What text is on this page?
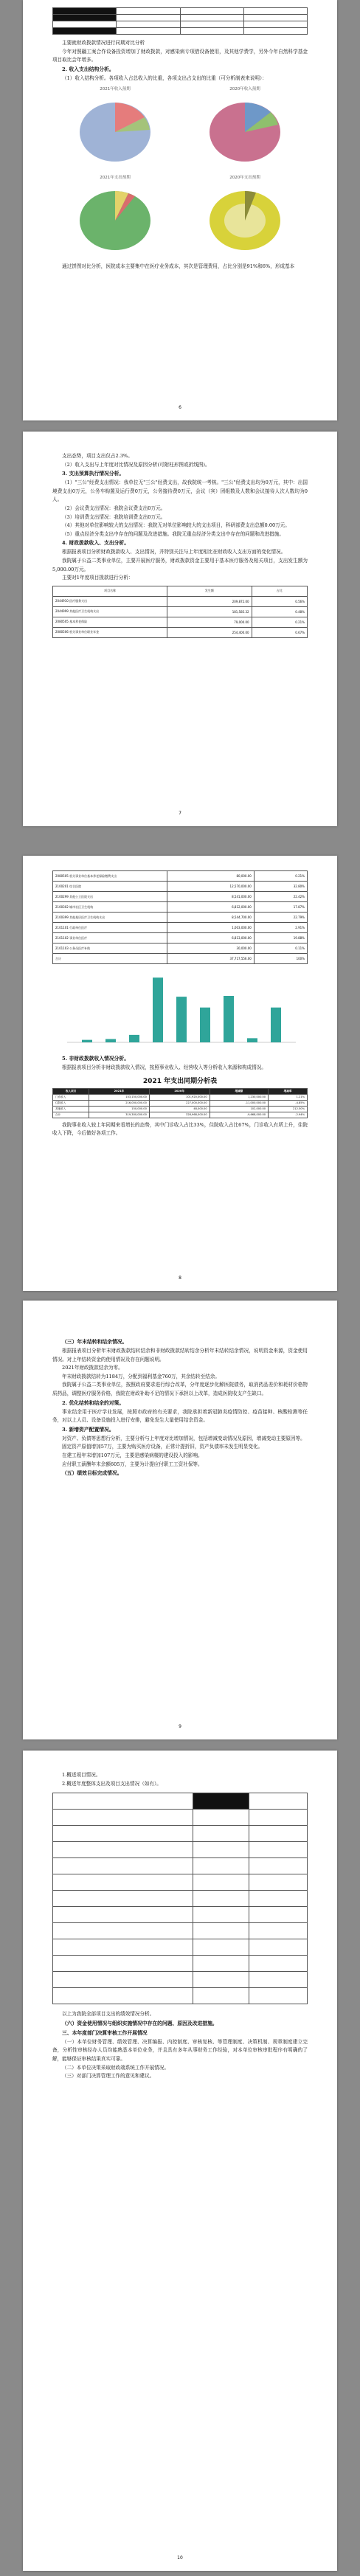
主要就财政拨款情况进行同期对比分析

今年对照疆工案合作设备投资增加了财政拨款，对感染病专项借设备使用，及其他学费学，另外今年自然科学基金项目取比会年增多。

2. 收入支出结构分析。

（1）收入结构分析。各项收入占总收入的比重，各项支出占支出的比重（可分析制表来说明）：

2021年收入预期	2020年收入预期
2021年支出预期	2020年支出预期

通过饼图对比分析，医院成本主要集中在医疗业务成本，其次是管理费用，占比分别是91%和6%，形成基本

6

支出态势，项目支出仅占2.3%。

（2）收入支出与上年度对比情况及原因分析(可附柱形图或折线图)。

3. 支出预算执行情况分析。

（1）"三公"经费支出情况：我单位无"三公"经费支出，故我院统一考核。"三公"经费支出均为0万元，其中：出国境费支出0万元，公务车购置及运行费0万元，公务接待费0万元，会议（宾）团组数及人数和会议接待人次人数均为0人。

（2）会议费支出情况：我院会议费支出0万元。

（3）培训费支出情况：我院培训费支出0万元。

（4）其他对单位影响较大的支出情况：我院无对单位影响较大的支出项目，科研部费支出总额0.00万元。

（5）重点经济分类支出中存在的问题及改进措施。我院无重点经济分类支出中存在的问题和改进措施。

4. 财政拨款收入、支出分析。

根据报表项目分析财政拨款收入、支出情况，并特别关注与上年度相比在财政收入支出方面的变化情况。

我院属于公益二类事业单位，主要开展医疗服务，财政拨款资金主要用于基本医疗服务及相关项目，支出发生额为5,000.00万元。

主要对1年度项目拨款进行分析：

项目名称	发生额	占比
2044910 医疗服务支出	209,872.00	0.56%
2044999 其他医疗卫生机构支出	181,585.32	0.48%
2080505 基本养老保险	79,000.00	0.21%
2080506 机关事业单位职业年金	254,400.00	0.67%
7
2080505 机关事业单位基本养老保险缴费支出	80,000.00	0.21%
2100201 综合医院	12,570,000.00	32.80%
2100299 其他公立医院支出	8,541,000.00	22.42%
2100302 城市社区卫生机构	6,812,000.00	17.87%
2100399 其他基层医疗卫生机构支出	8,544,700.00	22.79%
2101101 行政单位医疗	1,003,000.00	2.91%
2101102 事业单位医疗	6,813,000.00	19.88%
2101103 公务员医疗补助	30,000.00	0.11%
合计	37,717,556.00	100%

5. 非财政拨款收入情况分析。

根据报表项目分析非财政拨款收入情况，按照事业收入、经营收入等分析收入来源和构成情况。

2021 年支出同期分析表
收入项目	2021年	2020年	增减额	增减率
门诊收入	103,150,000.00	101,920,000.00	1,230,000.00	1.21%
住院收入	216,000,000.00	227,000,000.00	-11,000,000.00	-4.85%
其他收入	150,000.00	48,000.00	102,000.00	212.50%
合计	319,300,000.00	328,968,000.00	-9,668,000.00	-2.94%

我院事业收入较上年同期来看增长的态势，其中门诊收入占比33%，住院收入占比67%，门诊收入有所上升，住院收入下降，今后做好各项工作。

8

（三）年末结转和结余情况。

根据报表项目分析年末财政拨款结转结余和非财政拨款结转结余分析年末结转结余情况，说明资金来源，资金使用情况。对上年结转资金的使用情况及存在问题说明。

2021年财政拨款结余为零。

年末财政拨款结转为1184万，分配到福利基金760万，其余结转至结余。

我院属于公益二类事业单位，按照政府要求进行综合改革，分年度逐步化解医院债务，取消药品差价和耗材价格物质药品，调整医疗服务价格，我院在财政补助不足的情况下承担以上改革，造成医院收支产生缺口。

2. 优化结转和结余的对策。

事业结余用于医疗学业发展，按照市政府的有关要求，我院承担着新冠肺炎疫情防控、疫苗接种、核酸检测等任务，对以上人员、设备设施投入进行安排，避免发生大量使用结余资金。

3. 新增资产配置情况。

对资产、负债等思想行分析，主要分析与上年度对比增加情况，包括增减变动情况及原因，增减变动主要原因等。

固定资产原值增加57万，主要为购买医疗设备，正常计提折旧，资产负债率未发生明显变化。

在建工程年末增加107万元，主要是感染病楼的建设投入的影响。

应付职工薪酬年末余额605万，主要为计提应付职工工资社保等。

（五）绩效目标完成情况。

9

1.概述项目情况。

2.概述年度整体支出及项目支出情况（如有）。

以上为我院全部项目支出的绩效情况分析。

（六）资金使用情况与组织实施情况中存在的问题、原因及改进措施。

三、本年度部门决算审核工作开展情况

（一）本单位财务管理、绩效管理、决算编报、内控制度、审核复核、等管理制度、决策机制、规章制度建立完备，分析性审核经办人员均能熟悉本单位业务，并且具有多年从事财务工作经验，对本单位审核审批程序有明确的了解，能够保证审核结果真实可靠。

（二）本单位决策采取财政端系统工作开展情况。

（三）对部门决算管理工作的意见和建议。

10
